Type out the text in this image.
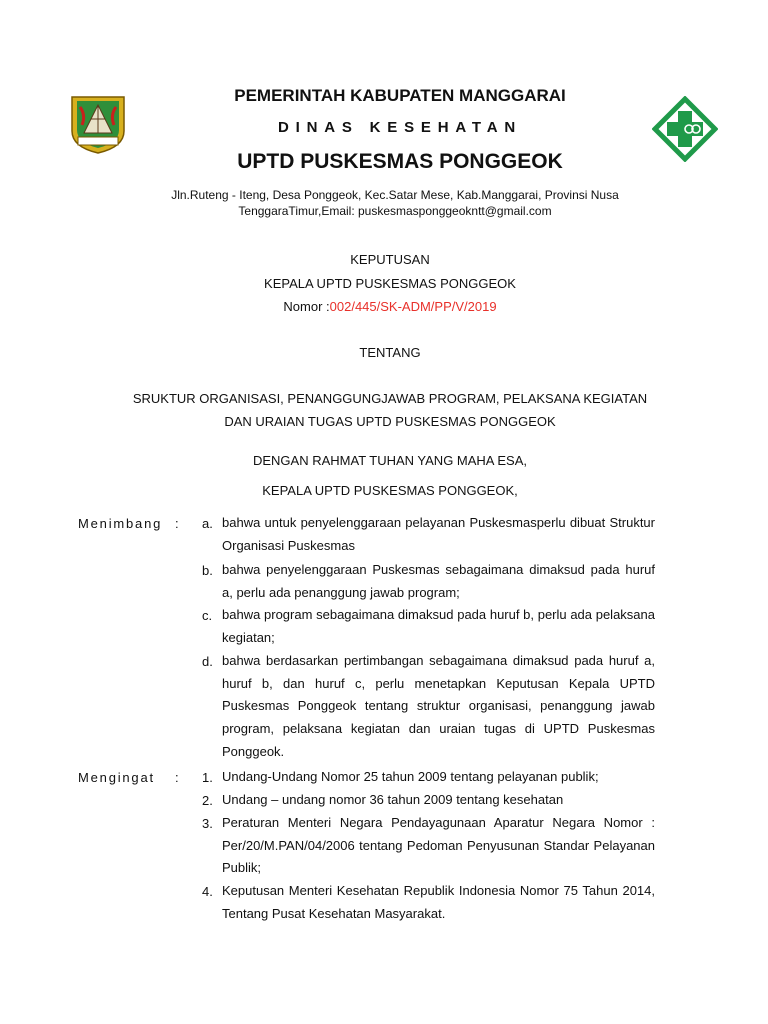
PEMERINTAH KABUPATEN MANGGARAI
DINAS KESEHATAN
UPTD PUSKESMAS PONGGEOK
Jln.Ruteng - Iteng, Desa Ponggeok, Kec.Satar Mese, Kab.Manggarai, Provinsi Nusa TenggaraTimur,Email: puskesmasponggeokntt@gmail.com
KEPUTUSAN
KEPALA UPTD PUSKESMAS PONGGEOK
Nomor :002/445/SK-ADM/PP/V/2019
TENTANG
SRUKTUR ORGANISASI, PENANGGUNGJAWAB PROGRAM, PELAKSANA KEGIATAN
DAN URAIAN TUGAS UPTD PUSKESMAS PONGGEOK
DENGAN RAHMAT TUHAN YANG MAHA ESA,
KEPALA UPTD PUSKESMAS PONGGEOK,
Menimbang : a. bahwa untuk penyelenggaraan pelayanan Puskesmasperlu dibuat Struktur Organisasi Puskesmas
b. bahwa penyelenggaraan Puskesmas sebagaimana dimaksud pada huruf a, perlu ada penanggung jawab program;
c. bahwa program sebagaimana dimaksud pada huruf b, perlu ada pelaksana kegiatan;
d. bahwa berdasarkan pertimbangan sebagaimana dimaksud pada huruf a, huruf b, dan huruf c, perlu menetapkan Keputusan Kepala UPTD Puskesmas Ponggeok tentang struktur organisasi, penanggung jawab program, pelaksana kegiatan dan uraian tugas di UPTD Puskesmas Ponggeok.
Mengingat : 1. Undang-Undang Nomor 25 tahun 2009 tentang pelayanan publik;
2. Undang – undang nomor 36 tahun 2009 tentang kesehatan
3. Peraturan Menteri Negara Pendayagunaan Aparatur Negara Nomor : Per/20/M.PAN/04/2006 tentang Pedoman Penyusunan Standar Pelayanan Publik;
4. Keputusan Menteri Kesehatan Republik Indonesia Nomor 75 Tahun 2014, Tentang Pusat Kesehatan Masyarakat.
